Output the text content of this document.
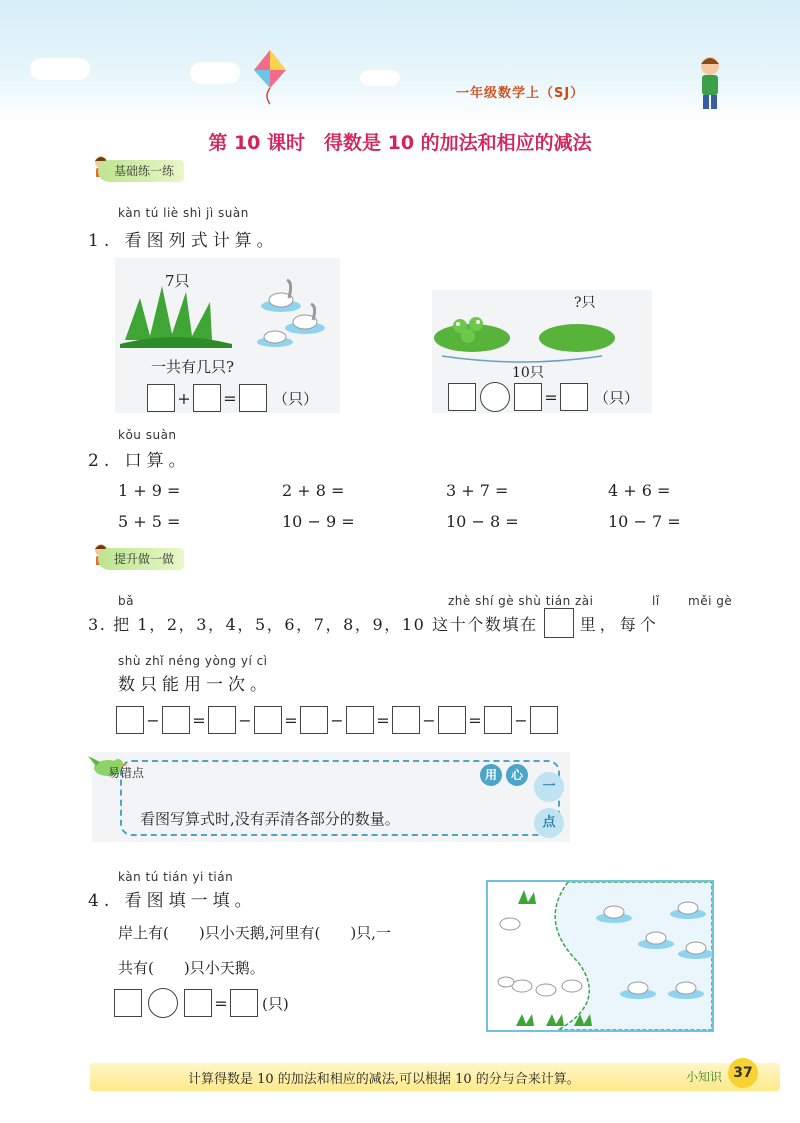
一年级数学上（SJ）
第 10 课时　得数是 10 的加法和相应的减法
基础练一练
kàn tú liè shì jì suàn
1. 看图列式计算。
7只
一共有几只?
+ = （只）
?只
10只
= （只）
kǒu suàn
2. 口算。
1 + 9 =	2 + 8 =	3 + 7 =	4 + 6 =
5 + 5 =	10 − 9 =	10 − 8 =	10 − 7 =
提升做一做
bǎ	zhè shí gè shù tián zài	lǐ měi gè
3. 把 1，2，3，4，5，6，7，8，9，10 这十个数填在	里，每个
shù zhǐ néng yòng yí cì
数只能用一次。
− = − = − = − = −
易错点	用	心
一
点
看图写算式时,没有弄清各部分的数量。
kàn tú tián yi tián
4. 看图填一填。
岸上有(　　)只小天鹅,河里有(　　)只,一
共有(　　)只小天鹅。
= (只)
计算得数是 10 的加法和相应的减法,可以根据 10 的分与合来计算。	小知识 37
